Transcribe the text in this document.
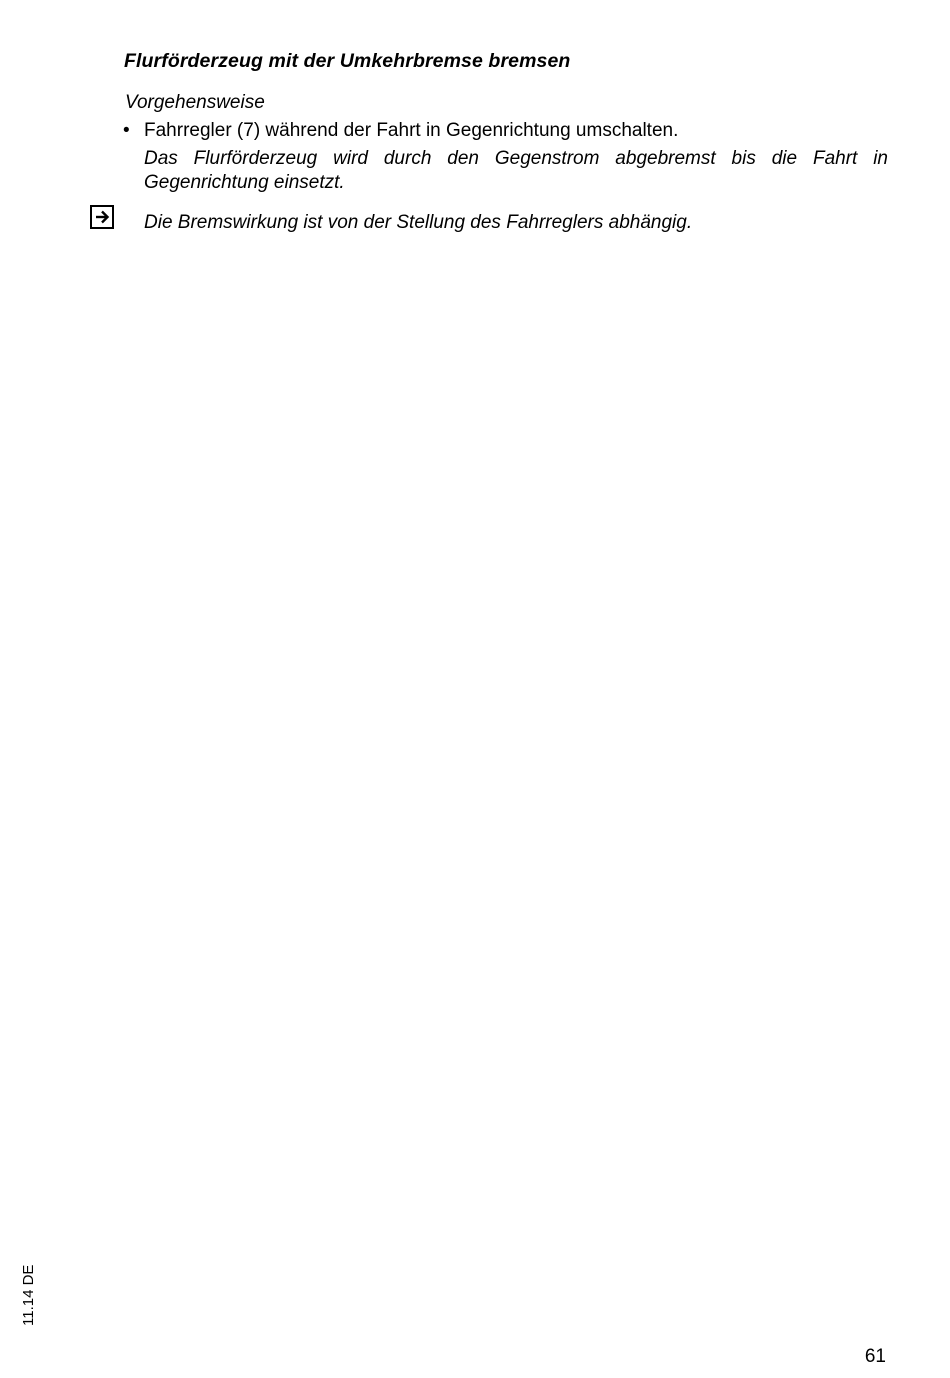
Flurförderzeug mit der Umkehrbremse bremsen
Vorgehensweise
• Fahrregler (7) während der Fahrt in Gegenrichtung umschalten.
Das Flurförderzeug wird durch den Gegenstrom abgebremst bis die Fahrt in Gegenrichtung einsetzt.
Die Bremswirkung ist von der Stellung des Fahrreglers abhängig.
11.14 DE
61
